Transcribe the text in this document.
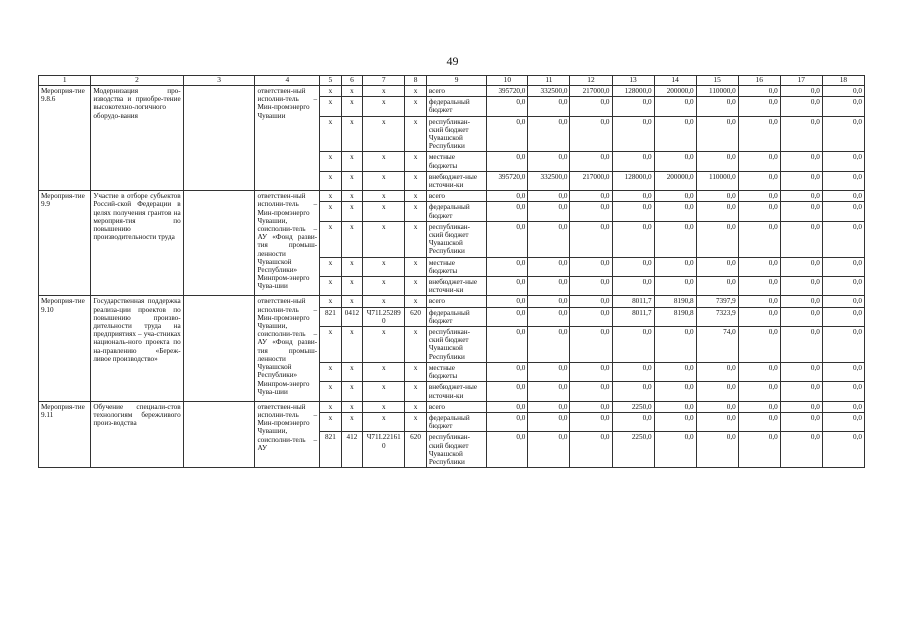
49
1	2	3	4	5	6	7	8	9	10	11	12	13	14	15	16	17	18
Мероприя-тие 9.8.6	Модернизация про-изводства и приобре-тение высокотехно-логичного оборудо-вания		ответствен-ный исполни-тель – Мин-промэнерго Чувашии	x	x	x	x	всего	395720,0	332500,0	217000,0	128000,0	200000,0	110000,0	0,0	0,0	0,0
				x	x	x	x	федеральный бюджет	0,0	0,0	0,0	0,0	0,0	0,0	0,0	0,0	0,0
				x	x	x	x	республикан-ский бюджет Чувашской Республики	0,0	0,0	0,0	0,0	0,0	0,0	0,0	0,0	0,0
				x	x	x	x	местные бюджеты	0,0	0,0	0,0	0,0	0,0	0,0	0,0	0,0	0,0
				x	x	x	x	внебюджет-ные источни-ки	395720,0	332500,0	217000,0	128000,0	200000,0	110000,0	0,0	0,0	0,0
Мероприя-тие 9.9	Участие в отборе субъектов Россий-ской Федерации в целях получения грантов на мероприя-тия по повышению производительности труда		ответствен-ный исполни-тель – Мин-промэнерго Чувашии, соисполни-тель – АУ «Фонд разви-тия промыш-ленности Чувашской Республики» Минпром-энерго Чува-шии	x	x	x	x	всего	0,0	0,0	0,0	0,0	0,0	0,0	0,0	0,0	0,0
				x	x	x	x	федеральный бюджет	0,0	0,0	0,0	0,0	0,0	0,0	0,0	0,0	0,0
				x	x	x	x	республикан-ский бюджет Чувашской Республики	0,0	0,0	0,0	0,0	0,0	0,0	0,0	0,0	0,0
				x	x	x	x	местные бюджеты	0,0	0,0	0,0	0,0	0,0	0,0	0,0	0,0	0,0
				x	x	x	x	внебюджет-ные источни-ки	0,0	0,0	0,0	0,0	0,0	0,0	0,0	0,0	0,0
Мероприя-тие 9.10	Государственная поддержка реализа-ции проектов по повышению произво-дительности труда на предприятиях – уча-стниках националь-ного проекта по на-правлению «Береж-ливое производство»		ответствен-ный исполни-тель – Мин-промэнерго Чувашии, соисполни-тель – АУ «Фонд разви-тия промыш-ленности Чувашской Республики» Минпром-энерго Чува-шии	x	x	x	x	всего	0,0	0,0	0,0	8011,7	8190,8	7397,9	0,0	0,0	0,0
				821	0412	Ч71I.252890	620	федеральный бюджет	0,0	0,0	0,0	8011,7	8190,8	7323,9	0,0	0,0	0,0
				x	x	x	x	республикан-ский бюджет Чувашской Республики	0,0	0,0	0,0	0,0	0,0	74,0	0,0	0,0	0,0
				x	x	x	x	местные бюджеты	0,0	0,0	0,0	0,0	0,0	0,0	0,0	0,0	0,0
				x	x	x	x	внебюджет-ные источни-ки	0,0	0,0	0,0	0,0	0,0	0,0	0,0	0,0	0,0
Мероприя-тие 9.11	Обучение специали-стов технологиям бережливого произ-водства		ответствен-ный исполни-тель – Мин-промэнерго Чувашии, соисполни-тель – АУ	x	x	x	x	всего	0,0	0,0	0,0	2250,0	0,0	0,0	0,0	0,0	0,0
				x	x	x	x	федеральный бюджет	0,0	0,0	0,0	0,0	0,0	0,0	0,0	0,0	0,0
				821	412	Ч71I.221610	620	республикан-ский бюджет Чувашской Республики	0,0	0,0	0,0	2250,0	0,0	0,0	0,0	0,0	0,0
